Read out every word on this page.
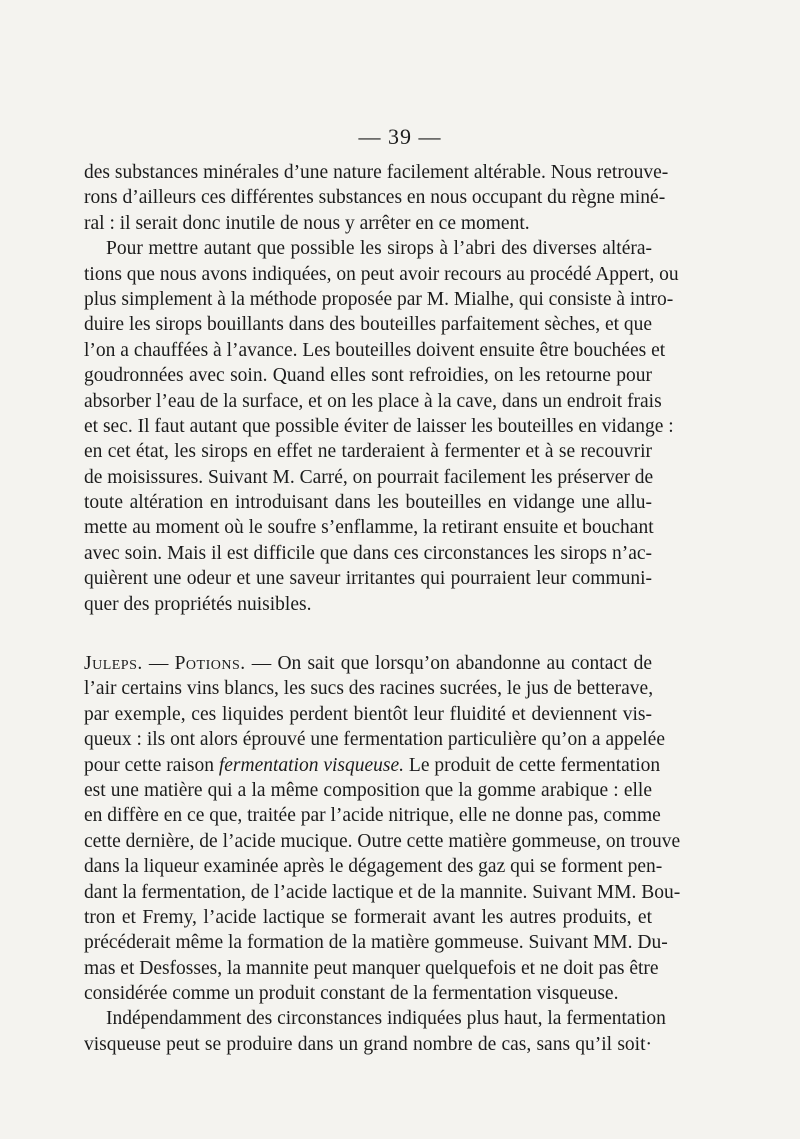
— 39 —
des substances minérales d’une nature facilement altérable. Nous retrouve-
rons d’ailleurs ces différentes substances en nous occupant du règne miné-
ral : il serait donc inutile de nous y arrêter en ce moment.
Pour mettre autant que possible les sirops à l’abri des diverses altéra-
tions que nous avons indiquées, on peut avoir recours au procédé Appert, ou
plus simplement à la méthode proposée par M. Mialhe, qui consiste à intro-
duire les sirops bouillants dans des bouteilles parfaitement sèches, et que
l’on a chauffées à l’avance. Les bouteilles doivent ensuite être bouchées et
goudronnées avec soin. Quand elles sont refroidies, on les retourne pour
absorber l’eau de la surface, et on les place à la cave, dans un endroit frais
et sec. Il faut autant que possible éviter de laisser les bouteilles en vidange :
en cet état, les sirops en effet ne tarderaient à fermenter et à se recouvrir
de moisissures. Suivant M. Carré, on pourrait facilement les préserver de
toute altération en introduisant dans les bouteilles en vidange une allu-
mette au moment où le soufre s’enflamme, la retirant ensuite et bouchant
avec soin. Mais il est difficile que dans ces circonstances les sirops n’ac-
quièrent une odeur et une saveur irritantes qui pourraient leur communi-
quer des propriétés nuisibles.
Juleps. — Potions. — On sait que lorsqu’on abandonne au contact de
l’air certains vins blancs, les sucs des racines sucrées, le jus de betterave,
par exemple, ces liquides perdent bientôt leur fluidité et deviennent vis-
queux : ils ont alors éprouvé une fermentation particulière qu’on a appelée
pour cette raison fermentation visqueuse. Le produit de cette fermentation
est une matière qui a la même composition que la gomme arabique : elle
en diffère en ce que, traitée par l’acide nitrique, elle ne donne pas, comme
cette dernière, de l’acide mucique. Outre cette matière gommeuse, on trouve
dans la liqueur examinée après le dégagement des gaz qui se forment pen-
dant la fermentation, de l’acide lactique et de la mannite. Suivant MM. Bou-
tron et Fremy, l’acide lactique se formerait avant les autres produits, et
précéderait même la formation de la matière gommeuse. Suivant MM. Du-
mas et Desfosses, la mannite peut manquer quelquefois et ne doit pas être
considérée comme un produit constant de la fermentation visqueuse.
Indépendamment des circonstances indiquées plus haut, la fermentation
visqueuse peut se produire dans un grand nombre de cas, sans qu’il soit·
